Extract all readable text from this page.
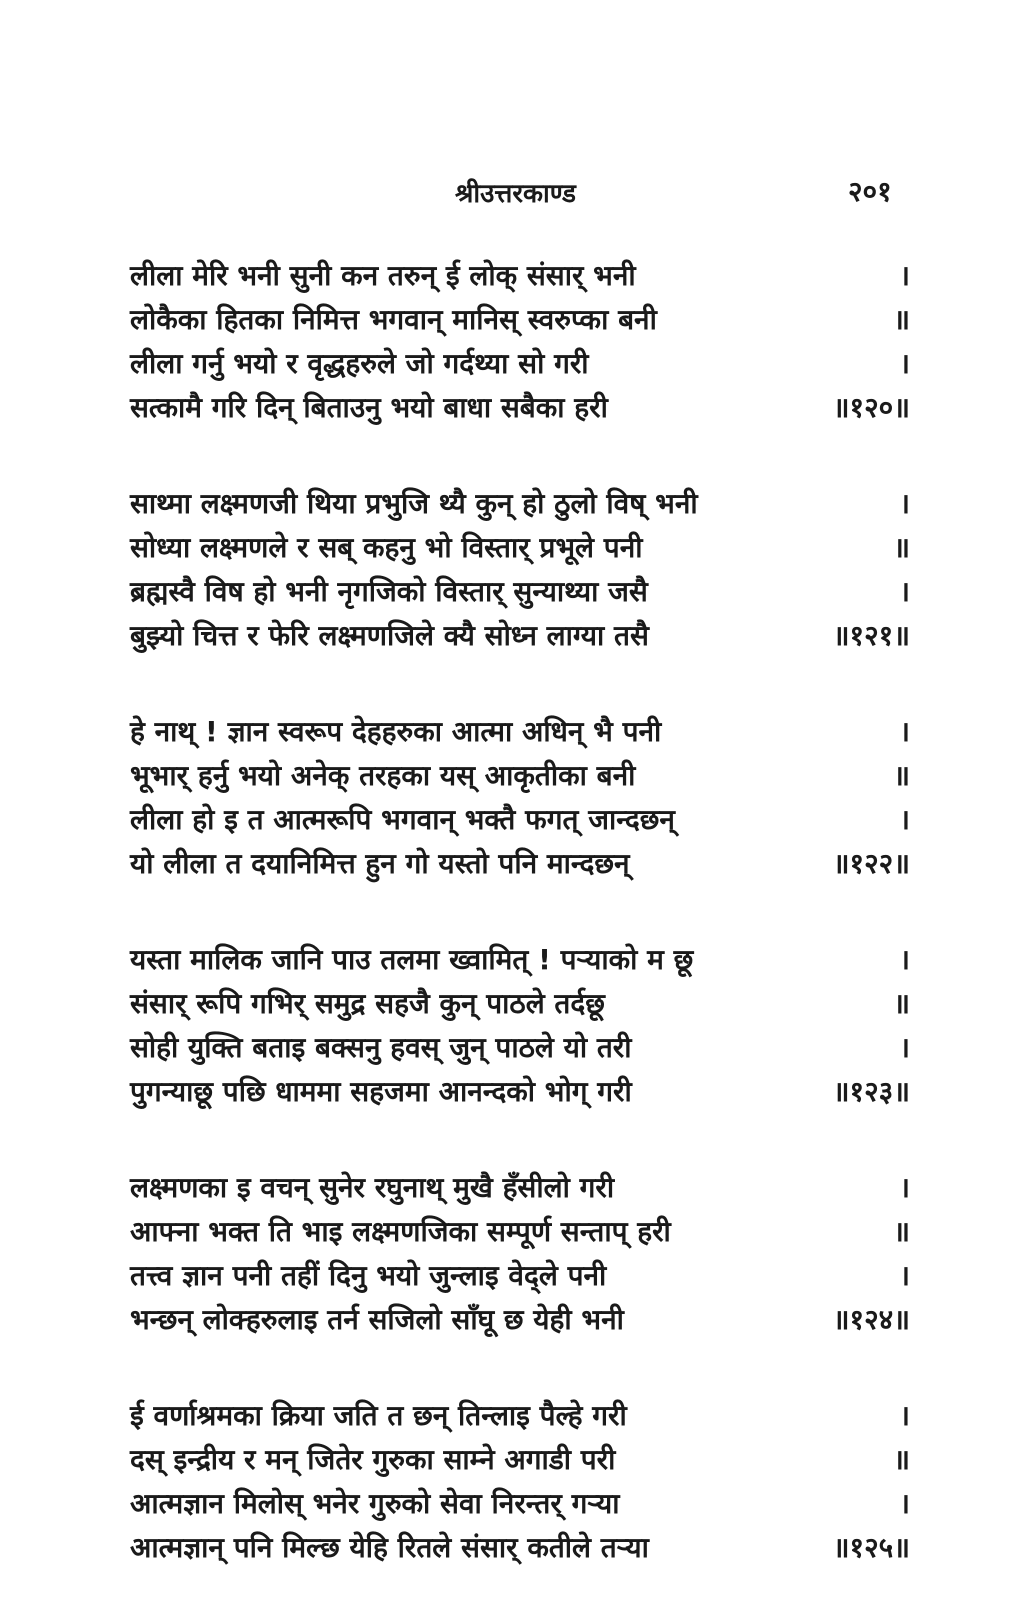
श्रीउत्तरकाण्ड	२०१
लीला मेरि भनी सुनी कन तरुन् ई लोक् संसार् भनी	।
लोकैका हितका निमित्त भगवान् मानिस् स्वरुप्का बनी	॥
लीला गर्नु भयो र वृद्धहरुले जो गर्दथ्या सो गरी	।
सत्कामै गरि दिन् बिताउनु भयो बाधा सबैका हरी	॥१२०॥
साथ्मा लक्ष्मणजी थिया प्रभुजि थ्यै कुन् हो ठुलो विष् भनी	।
सोध्या लक्ष्मणले र सब् कहनु भो विस्तार् प्रभूले पनी	॥
ब्रह्मस्वै विष हो भनी नृगजिको विस्तार् सुन्याथ्या जसै	।
बुझ्यो चित्त र फेरि लक्ष्मणजिले क्यै सोध्न लाग्या तसै	॥१२१॥
हे नाथ् ! ज्ञान स्वरूप देहहरुका आत्मा अधिन् भै पनी	।
भूभार् हर्नु भयो अनेक् तरहका यस् आकृतीका बनी	॥
लीला हो इ त आत्मरूपि भगवान् भक्तै फगत् जान्दछन्	।
यो लीला त दयानिमित्त हुन गो यस्तो पनि मान्दछन्	॥१२२॥
यस्ता मालिक जानि पाउ तलमा ख्वामित् ! पऱ्याको म छू	।
संसार् रूपि गभिर् समुद्र सहजै कुन् पाठले तर्दछू	॥
सोही युक्ति बताइ बक्सनु हवस् जुन् पाठले यो तरी	।
पुगन्याछू पछि धाममा सहजमा आनन्दको भोग् गरी	॥१२३॥
लक्ष्मणका इ वचन् सुनेर रघुनाथ् मुखै हँसीलो गरी	।
आफ्ना भक्त ति भाइ लक्ष्मणजिका सम्पूर्ण सन्ताप् हरी	॥
तत्त्व ज्ञान पनी तहीं दिनु भयो जुन्लाइ वेद्ले पनी	।
भन्छन् लोक्हरुलाइ तर्न सजिलो साँघू छ येही भनी	॥१२४॥
ई वर्णाश्रमका क्रिया जति त छन् तिन्लाइ पैल्हे गरी	।
दस् इन्द्रीय र मन् जितेर गुरुका साम्ने अगाडी परी	॥
आत्मज्ञान मिलोस् भनेर गुरुको सेवा निरन्तर् गऱ्या	।
आत्मज्ञान् पनि मिल्छ येहि रितले संसार् कतीले तऱ्या	॥१२५॥
